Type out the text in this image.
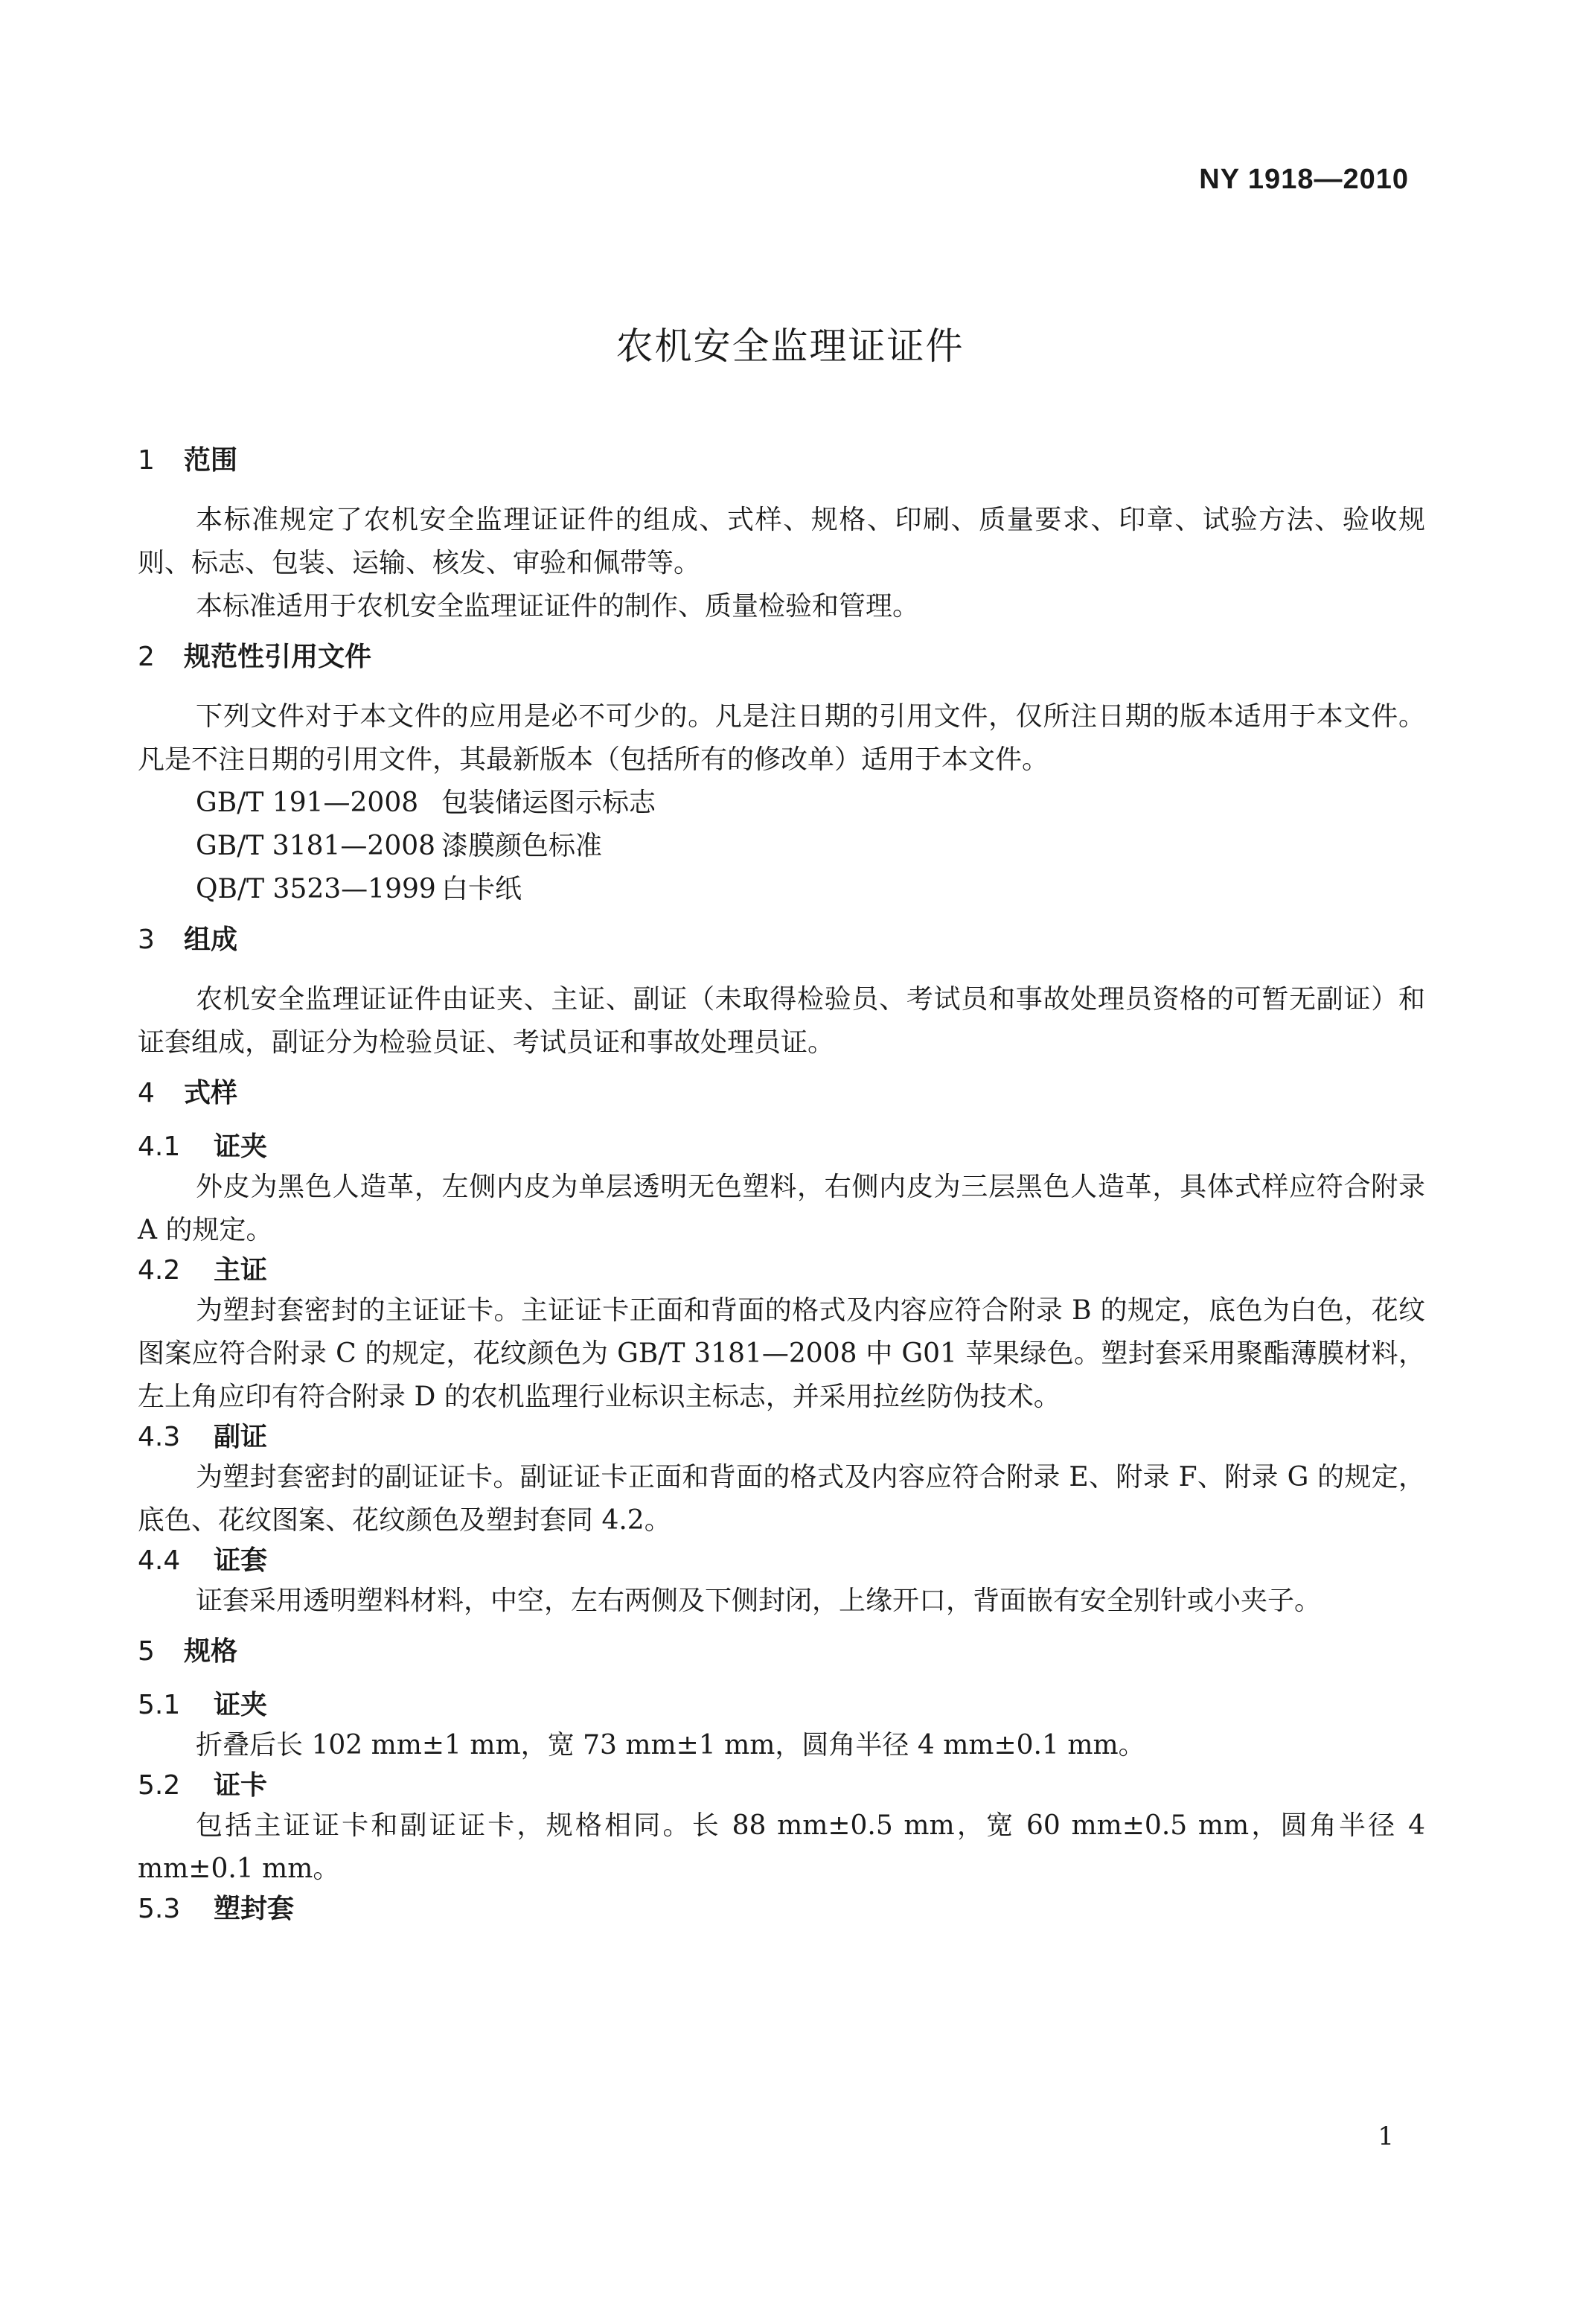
NY 1918—2010
农机安全监理证证件
1	范围

本标准规定了农机安全监理证证件的组成、式样、规格、印刷、质量要求、印章、试验方法、验收规则、标志、包装、运输、核发、审验和佩带等。

本标准适用于农机安全监理证证件的制作、质量检验和管理。

2	规范性引用文件

下列文件对于本文件的应用是必不可少的。凡是注日期的引用文件，仅所注日期的版本适用于本文件。凡是不注日期的引用文件，其最新版本（包括所有的修改单）适用于本文件。

GB/T 191—2008 包装储运图示标志
GB/T 3181—2008 漆膜颜色标准
QB/T 3523—1999 白卡纸
3	组成

农机安全监理证证件由证夹、主证、副证（未取得检验员、考试员和事故处理员资格的可暂无副证）和证套组成，副证分为检验员证、考试员证和事故处理员证。

4	式样
4.1	证夹

外皮为黑色人造革，左侧内皮为单层透明无色塑料，右侧内皮为三层黑色人造革，具体式样应符合附录 A 的规定。

4.2	主证

为塑封套密封的主证证卡。主证证卡正面和背面的格式及内容应符合附录 B 的规定，底色为白色，花纹图案应符合附录 C 的规定，花纹颜色为 GB/T 3181—2008 中 G01 苹果绿色。塑封套采用聚酯薄膜材料，左上角应印有符合附录 D 的农机监理行业标识主标志，并采用拉丝防伪技术。

4.3	副证

为塑封套密封的副证证卡。副证证卡正面和背面的格式及内容应符合附录 E、附录 F、附录 G 的规定，底色、花纹图案、花纹颜色及塑封套同 4.2。

4.4	证套

证套采用透明塑料材料，中空，左右两侧及下侧封闭，上缘开口，背面嵌有安全别针或小夹子。

5	规格
5.1	证夹

折叠后长 102 mm±1 mm，宽 73 mm±1 mm，圆角半径 4 mm±0.1 mm。

5.2	证卡

包括主证证卡和副证证卡，规格相同。长 88 mm±0.5 mm，宽 60 mm±0.5 mm，圆角半径 4 mm±0.1 mm。

5.3	塑封套
1
